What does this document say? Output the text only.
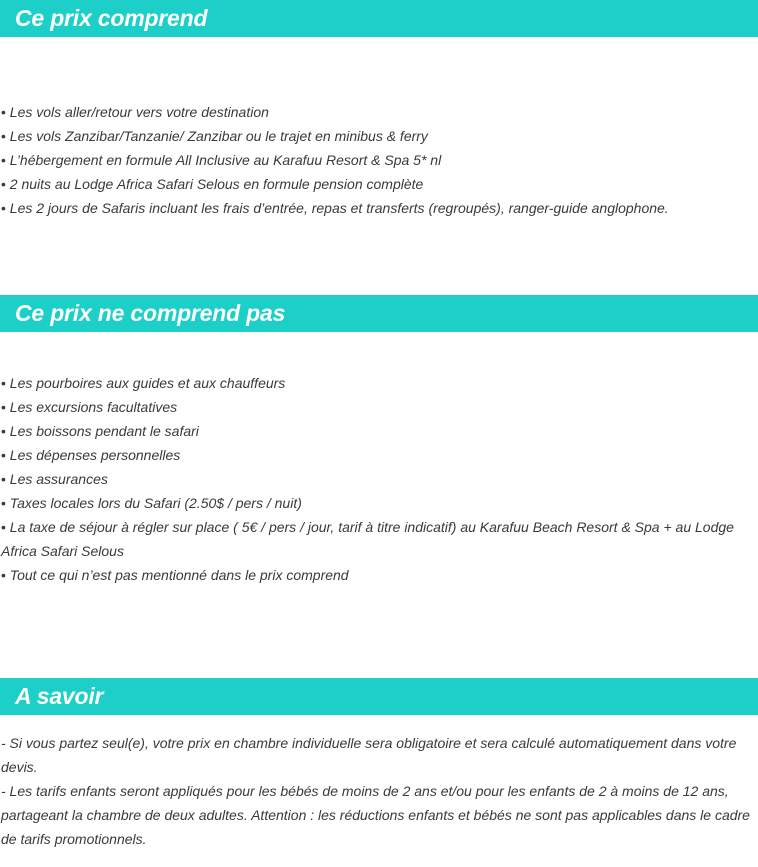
Ce prix comprend
• Les vols aller/retour vers votre destination
• Les vols Zanzibar/Tanzanie/ Zanzibar ou le trajet en minibus & ferry
• L’hébergement en formule All Inclusive au Karafuu Resort & Spa 5* nl
• 2 nuits au Lodge Africa Safari Selous en formule pension complète
• Les 2 jours de Safaris incluant les frais d’entrée, repas et transferts (regroupés), ranger-guide anglophone.
Ce prix ne comprend pas
• Les pourboires aux guides et aux chauffeurs
• Les excursions facultatives
• Les boissons pendant le safari
• Les dépenses personnelles
• Les assurances
• Taxes locales lors du Safari (2.50$ / pers / nuit)
• La taxe de séjour à régler sur place ( 5€ / pers / jour, tarif à titre indicatif) au Karafuu Beach Resort & Spa + au Lodge Africa Safari Selous
• Tout ce qui n’est pas mentionné dans le prix comprend
A savoir

- Si vous partez seul(e), votre prix en chambre individuelle sera obligatoire et sera calculé automatiquement dans votre devis.

- Les tarifs enfants seront appliqués pour les bébés de moins de 2 ans et/ou pour les enfants de 2 à moins de 12 ans, partageant la chambre de deux adultes. Attention : les réductions enfants et bébés ne sont pas applicables dans le cadre de tarifs promotionnels.
